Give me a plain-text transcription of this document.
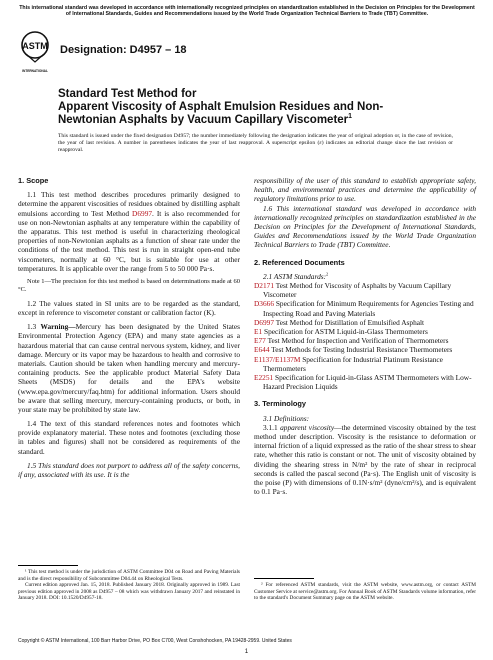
This international standard was developed in accordance with internationally recognized principles on standardization established in the Decision on Principles for the Development of International Standards, Guides and Recommendations issued by the World Trade Organization Technical Barriers to Trade (TBT) Committee.
ASTM
INTERNATIONAL
Designation: D4957 – 18
Standard Test Method for
Apparent Viscosity of Asphalt Emulsion Residues and Non-
Newtonian Asphalts by Vacuum Capillary Viscometer$^1$
This standard is issued under the fixed designation D4957; the number immediately following the designation indicates the year of original adoption or, in the case of revision, the year of last revision. A number in parentheses indicates the year of last reapproval. A superscript epsilon (ε) indicates an editorial change since the last revision or reapproval.
1. Scope

1.1 This test method describes procedures primarily designed to determine the apparent viscosities of residues obtained by distilling asphalt emulsions according to Test Method D6997. It is also recommended for use on non-Newtonian asphalts at any temperature within the capability of the apparatus. This test method is useful in characterizing rheological properties of non-Newtonian asphalts as a function of shear rate under the conditions of the test method. This test is run in straight open-end tube viscometers, normally at 60 °C, but is suitable for use at other temperatures. It is applicable over the range from 5 to 50 000 Pa·s.

Note 1—The precision for this test method is based on determinations made at 60 °C.

1.2 The values stated in SI units are to be regarded as the standard, except in reference to viscometer constant or calibration factor (K).

1.3 Warning—Mercury has been designated by the United States Environmental Protection Agency (EPA) and many state agencies as a hazardous material that can cause central nervous system, kidney, and liver damage. Mercury or its vapor may be hazardous to health and corrosive to materials. Caution should be taken when handling mercury and mercury-containing products. See the applicable product Material Safety Data Sheets (MSDS) for details and the EPA's website (www.epa.gov/mercury/faq.htm) for additional information. Users should be aware that selling mercury, mercury-containing products, or both, in your state may be prohibited by state law.

1.4 The text of this standard references notes and footnotes which provide explanatory material. These notes and footnotes (excluding those in tables and figures) shall not be considered as requirements of the standard.

1.5 This standard does not purport to address all of the safety concerns, if any, associated with its use. It is the

responsibility of the user of this standard to establish appropriate safety, health, and environmental practices and determine the applicability of regulatory limitations prior to use.

1.6 This international standard was developed in accordance with internationally recognized principles on standardization established in the Decision on Principles for the Development of International Standards, Guides and Recommendations issued by the World Trade Organization Technical Barriers to Trade (TBT) Committee.

2. Referenced Documents

2.1 ASTM Standards:$^2$

D2171 Test Method for Viscosity of Asphalts by Vacuum Capillary Viscometer

D3666 Specification for Minimum Requirements for Agencies Testing and Inspecting Road and Paving Materials

D6997 Test Method for Distillation of Emulsified Asphalt

E1 Specification for ASTM Liquid-in-Glass Thermometers

E77 Test Method for Inspection and Verification of Thermometers

E644 Test Methods for Testing Industrial Resistance Thermometers

E1137/E1137M Specification for Industrial Platinum Resistance Thermometers

E2251 Specification for Liquid-in-Glass ASTM Thermometers with Low-Hazard Precision Liquids

3. Terminology

3.1 Definitions:

3.1.1 apparent viscosity—the determined viscosity obtained by the test method under description. Viscosity is the resistance to deformation or internal friction of a liquid expressed as the ratio of the shear stress to shear rate, whether this ratio is constant or not. The unit of viscosity obtained by dividing the shearing stress in N/m² by the rate of shear in reciprocal seconds is called the pascal second (Pa·s). The English unit of viscosity is the poise (P) with dimensions of 0.1N·s/m² (dyne/cm²/s), and is equivalent to 0.1 Pa·s.

¹ This test method is under the jurisdiction of ASTM Committee D04 on Road and Paving Materials and is the direct responsibility of Subcommittee D04.44 on Rheological Tests.

Current edition approved Jan. 15, 2018. Published January 2018. Originally approved in 1989. Last previous edition approved in 2008 as D4957 – 08 which was withdrawn January 2017 and reinstated in January 2018. DOI: 10.1520/D4957-18.

² For referenced ASTM standards, visit the ASTM website, www.astm.org, or contact ASTM Customer Service at service@astm.org. For Annual Book of ASTM Standards volume information, refer to the standard's Document Summary page on the ASTM website.

Copyright © ASTM International, 100 Barr Harbor Drive, PO Box C700, West Conshohocken, PA 19428-2959. United States
1
